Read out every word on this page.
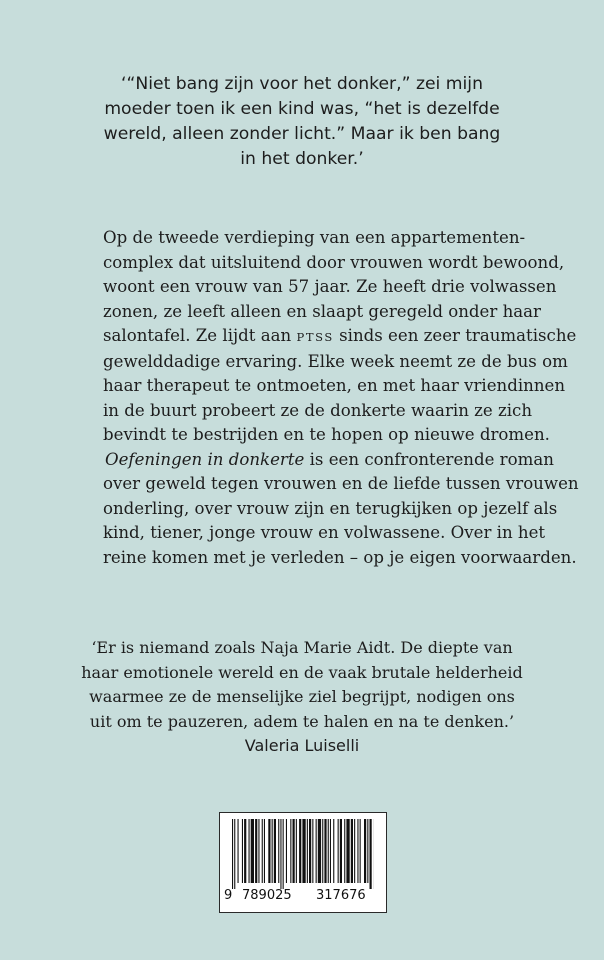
‘“Niet bang zijn voor het donker,” zei mijn
moeder toen ik een kind was, “het is dezelfde
wereld, alleen zonder licht.” Maar ik ben bang
in het donker.’
Op de tweede verdieping van een appartementen-
complex dat uitsluitend door vrouwen wordt bewoond,
woont een vrouw van 57 jaar. Ze heeft drie volwassen
zonen, ze leeft alleen en slaapt geregeld onder haar
salontafel. Ze lijdt aan PTSS sinds een zeer traumatische
gewelddadige ervaring. Elke week neemt ze de bus om
haar therapeut te ontmoeten, en met haar vriendinnen
in de buurt probeert ze de donkerte waarin ze zich
bevindt te bestrijden en te hopen op nieuwe dromen.
Oefeningen in donkerte is een confronterende roman
over geweld tegen vrouwen en de liefde tussen vrouwen
onderling, over vrouw zijn en terugkijken op jezelf als
kind, tiener, jonge vrouw en volwassene. Over in het
reine komen met je verleden – op je eigen voorwaarden.
‘Er is niemand zoals Naja Marie Aidt. De diepte van
haar emotionele wereld en de vaak brutale helderheid
waarmee ze de menselijke ziel begrijpt, nodigen ons
uit om te pauzeren, adem te halen en na te denken.’
Valeria Luiselli
9 789025 317676
